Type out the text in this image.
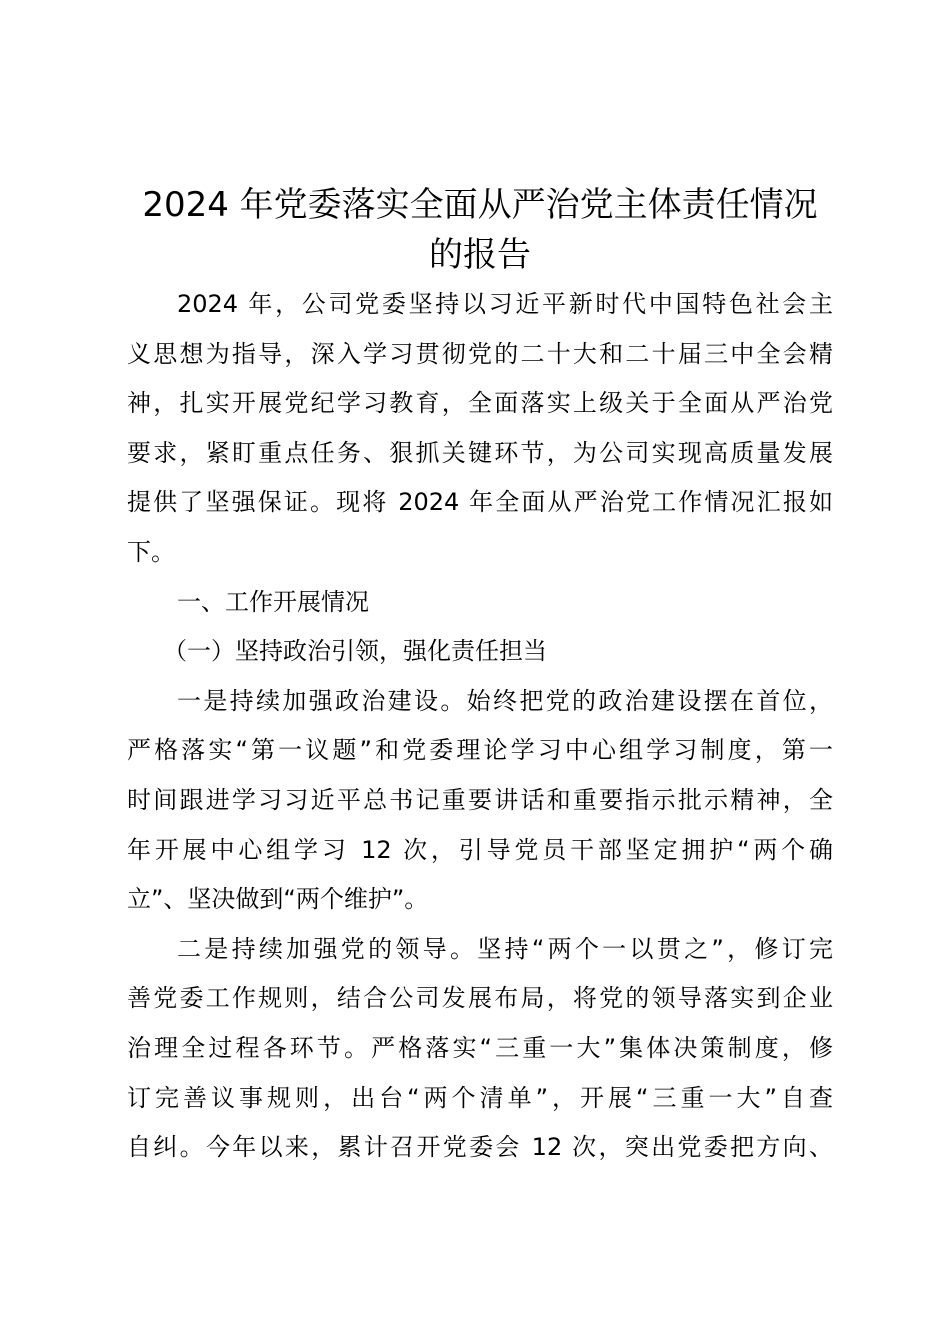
2024 年党委落实全面从严治党主体责任情况
的报告
2024 年，公司党委坚持以习近平新时代中国特色社会主
义思想为指导，深入学习贯彻党的二十大和二十届三中全会精
神，扎实开展党纪学习教育，全面落实上级关于全面从严治党
要求，紧盯重点任务、狠抓关键环节，为公司实现高质量发展
提供了坚强保证。现将 2024 年全面从严治党工作情况汇报如
下。
一、工作开展情况
（一）坚持政治引领，强化责任担当
一是持续加强政治建设。始终把党的政治建设摆在首位，
严格落实“第一议题”和党委理论学习中心组学习制度，第一
时间跟进学习习近平总书记重要讲话和重要指示批示精神，全
年开展中心组学习 12 次，引导党员干部坚定拥护“两个确
立”、坚决做到“两个维护”。
二是持续加强党的领导。坚持“两个一以贯之”，修订完
善党委工作规则，结合公司发展布局，将党的领导落实到企业
治理全过程各环节。严格落实“三重一大”集体决策制度，修
订完善议事规则，出台“两个清单”，开展“三重一大”自查
自纠。今年以来，累计召开党委会 12 次，突出党委把方向、
